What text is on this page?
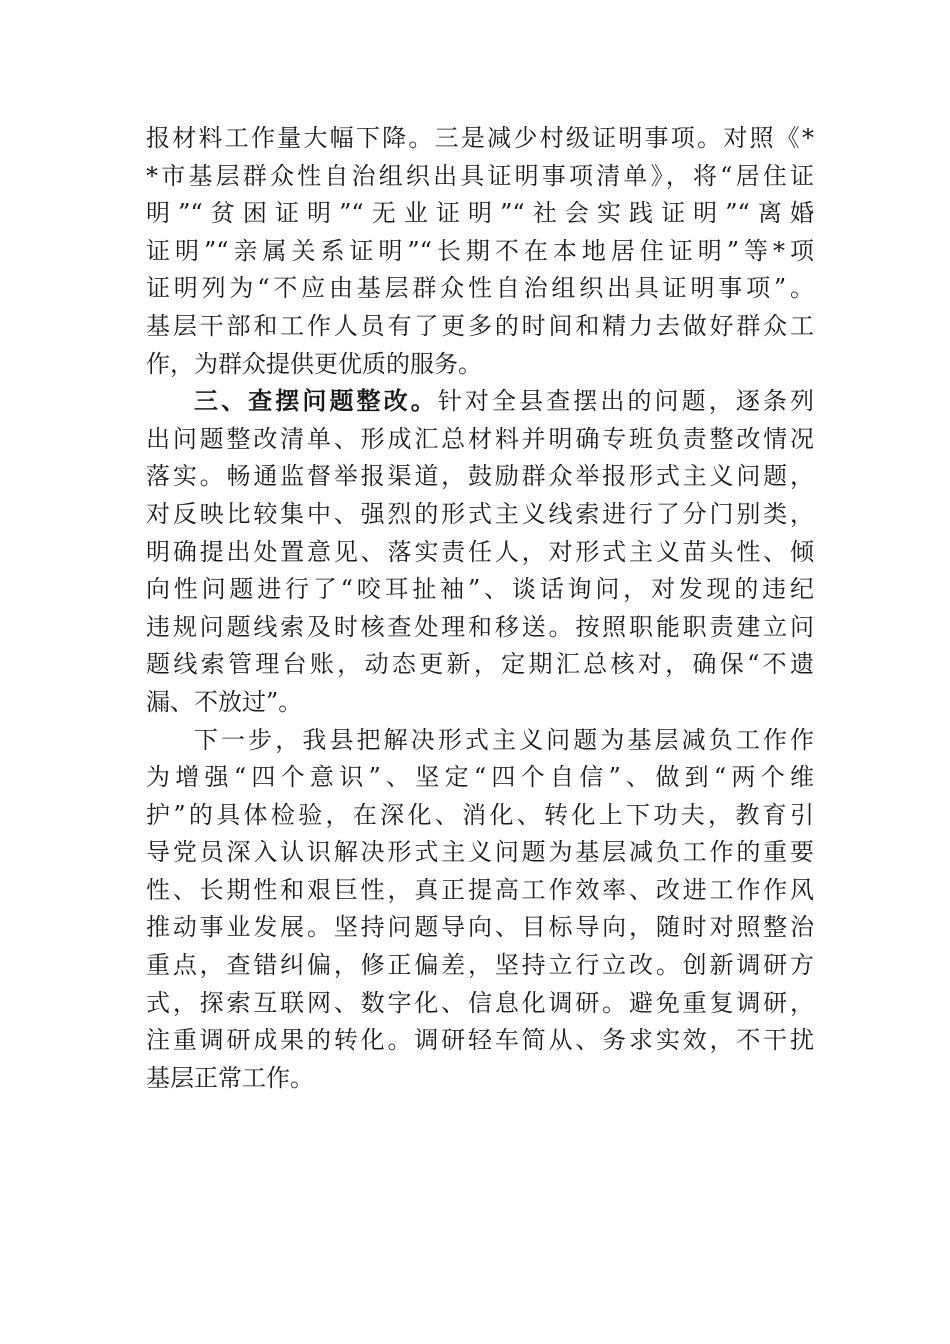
报材料工作量大幅下降。三是减少村级证明事项。对照《*
*市基层群众性自治组织出具证明事项清单》，将“居住证
明”“贫困证明”“无业证明”“社会实践证明”“离婚
证明”“亲属关系证明”“长期不在本地居住证明”等*项
证明列为“不应由基层群众性自治组织出具证明事项”。
基层干部和工作人员有了更多的时间和精力去做好群众工
作，为群众提供更优质的服务。
三、查摆问题整改。针对全县查摆出的问题，逐条列
出问题整改清单、形成汇总材料并明确专班负责整改情况
落实。畅通监督举报渠道，鼓励群众举报形式主义问题，
对反映比较集中、强烈的形式主义线索进行了分门别类，
明确提出处置意见、落实责任人，对形式主义苗头性、倾
向性问题进行了“咬耳扯袖”、谈话询问，对发现的违纪
违规问题线索及时核查处理和移送。按照职能职责建立问
题线索管理台账，动态更新，定期汇总核对，确保“不遗
漏、不放过”。
下一步，我县把解决形式主义问题为基层减负工作作
为增强“四个意识”、坚定“四个自信”、做到“两个维
护”的具体检验，在深化、消化、转化上下功夫，教育引
导党员深入认识解决形式主义问题为基层减负工作的重要
性、长期性和艰巨性，真正提高工作效率、改进工作作风
推动事业发展。坚持问题导向、目标导向，随时对照整治
重点，查错纠偏，修正偏差，坚持立行立改。创新调研方
式，探索互联网、数字化、信息化调研。避免重复调研，
注重调研成果的转化。调研轻车简从、务求实效，不干扰
基层正常工作。
